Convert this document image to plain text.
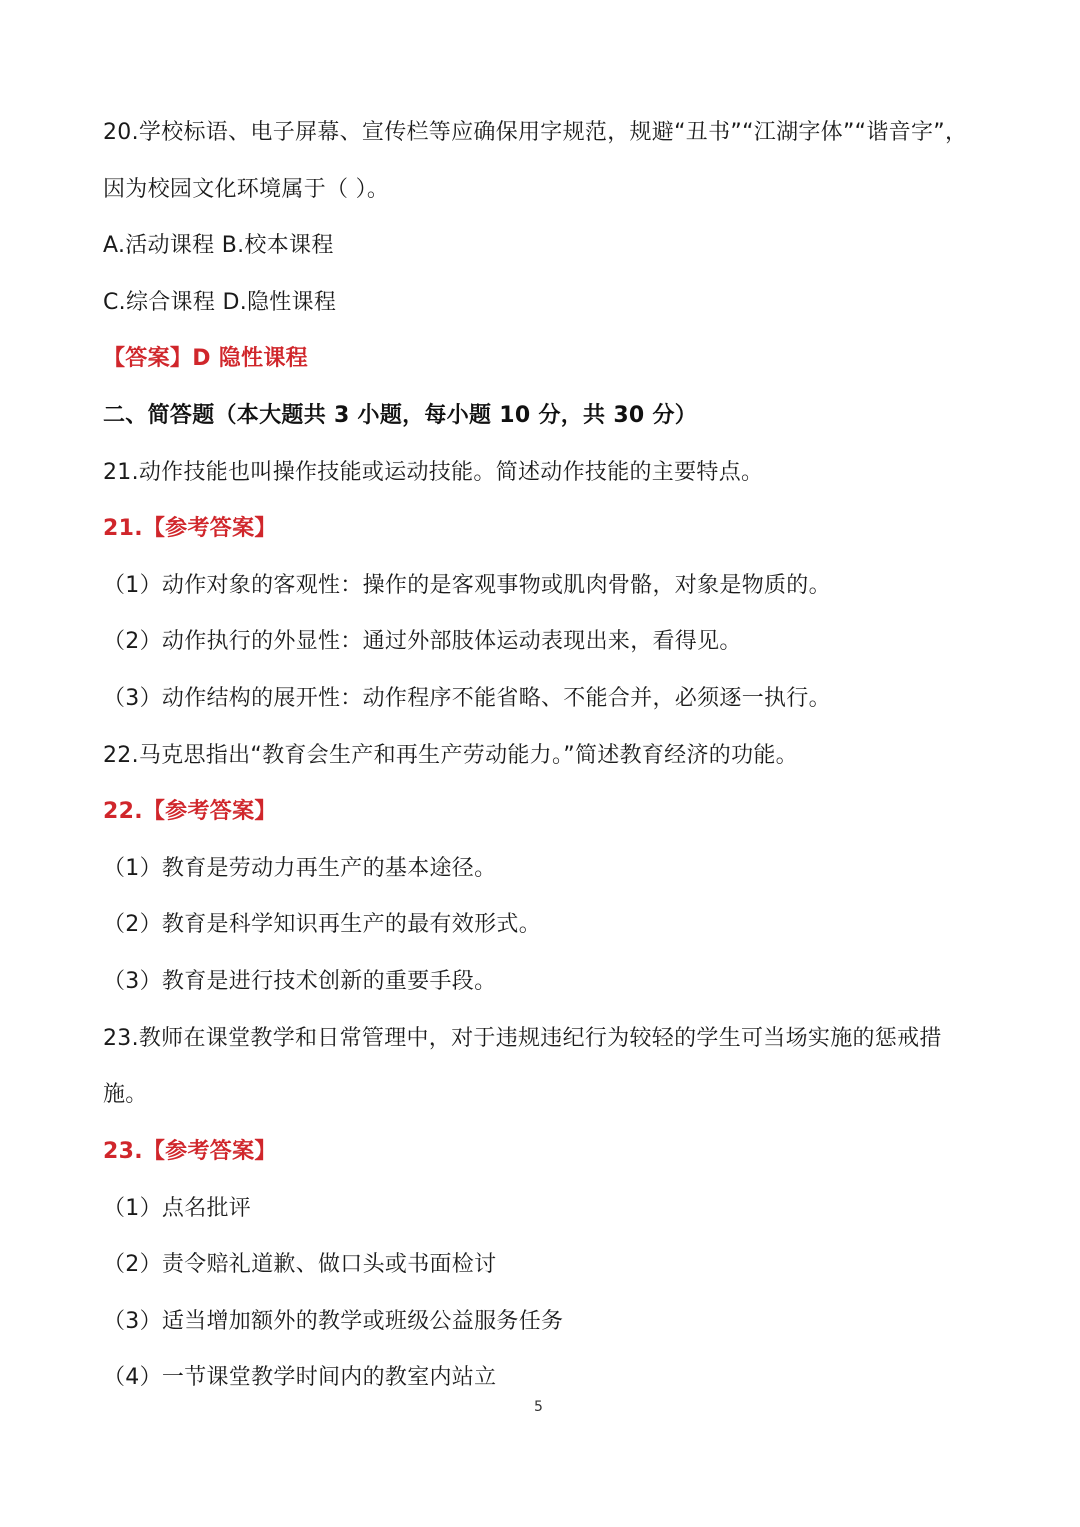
20.学校标语、电子屏幕、宣传栏等应确保用字规范，规避“丑书”“江湖字体”“谐音字”，
因为校园文化环境属于（ ）。
A.活动课程 B.校本课程
C.综合课程 D.隐性课程
【答案】D 隐性课程
二、简答题（本大题共 3 小题，每小题 10 分，共 30 分）
21.动作技能也叫操作技能或运动技能。简述动作技能的主要特点。
21.【参考答案】
（1）动作对象的客观性：操作的是客观事物或肌肉骨骼，对象是物质的。
（2）动作执行的外显性：通过外部肢体运动表现出来，看得见。
（3）动作结构的展开性：动作程序不能省略、不能合并，必须逐一执行。
22.马克思指出“教育会生产和再生产劳动能力。”简述教育经济的功能。
22.【参考答案】
（1）教育是劳动力再生产的基本途径。
（2）教育是科学知识再生产的最有效形式。
（3）教育是进行技术创新的重要手段。
23.教师在课堂教学和日常管理中，对于违规违纪行为较轻的学生可当场实施的惩戒措
施。
23.【参考答案】
（1）点名批评
（2）责令赔礼道歉、做口头或书面检讨
（3）适当增加额外的教学或班级公益服务任务
（4）一节课堂教学时间内的教室内站立
5
